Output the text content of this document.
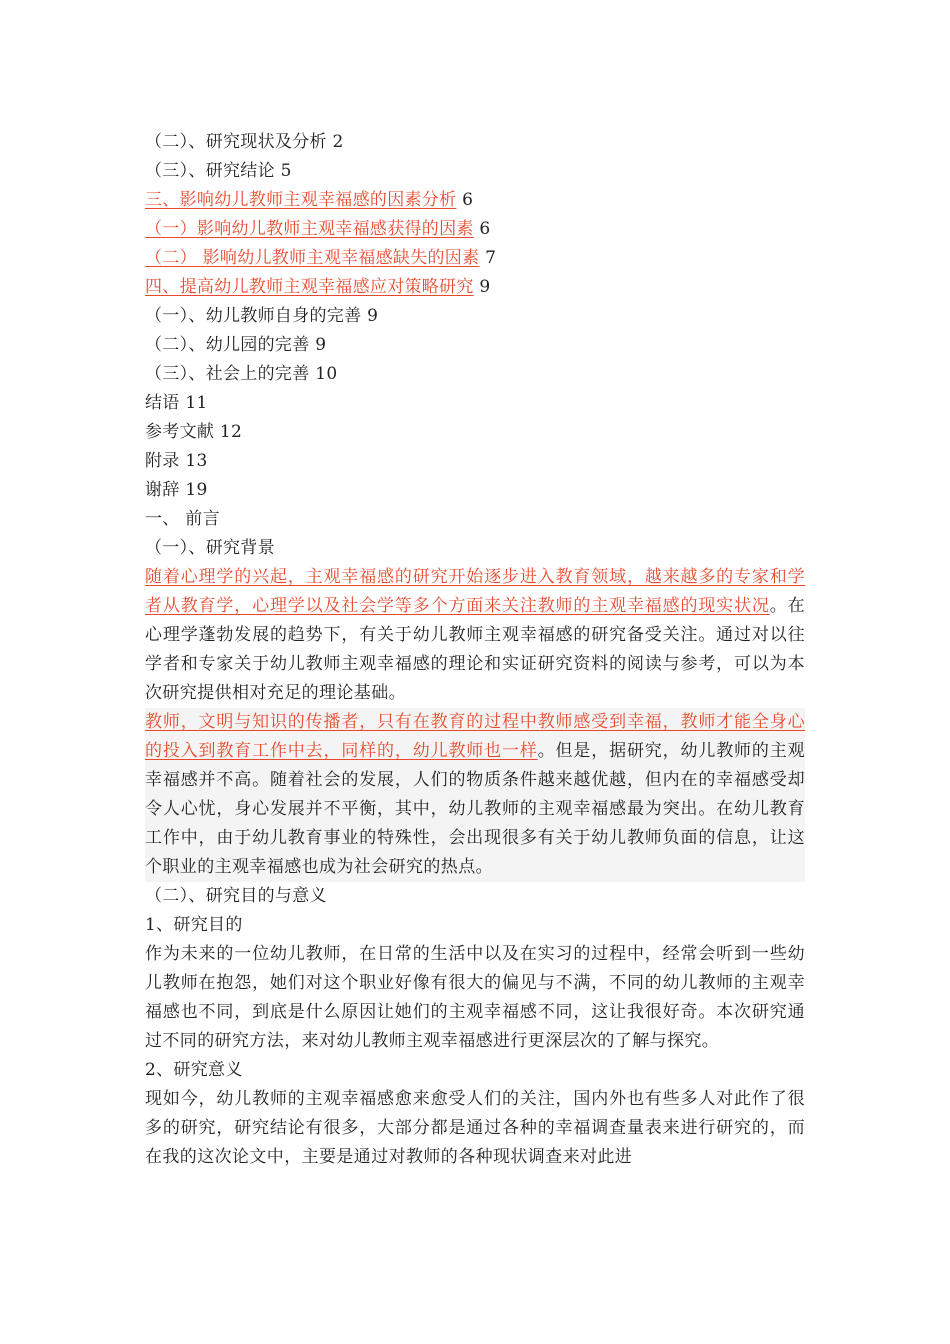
（二）、研究现状及分析 2
（三）、研究结论 5
三、影响幼儿教师主观幸福感的因素分析 6
（一）影响幼儿教师主观幸福感获得的因素 6
（二） 影响幼儿教师主观幸福感缺失的因素 7
四、提高幼儿教师主观幸福感应对策略研究 9
（一）、幼儿教师自身的完善 9
（二）、幼儿园的完善 9
（三）、社会上的完善 10
结语 11
参考文献 12
附录 13
谢辞 19
一、 前言
（一）、研究背景

随着心理学的兴起，主观幸福感的研究开始逐步进入教育领域，越来越多的专家和学者从教育学，心理学以及社会学等多个方面来关注教师的主观幸福感的现实状况。在心理学蓬勃发展的趋势下，有关于幼儿教师主观幸福感的研究备受关注。通过对以往学者和专家关于幼儿教师主观幸福感的理论和实证研究资料的阅读与参考，可以为本次研究提供相对充足的理论基础。

教师，文明与知识的传播者，只有在教育的过程中教师感受到幸福，教师才能全身心的投入到教育工作中去，同样的，幼儿教师也一样。但是，据研究，幼儿教师的主观幸福感并不高。随着社会的发展，人们的物质条件越来越优越，但内在的幸福感受却令人心忧，身心发展并不平衡，其中，幼儿教师的主观幸福感最为突出。在幼儿教育工作中，由于幼儿教育事业的特殊性，会出现很多有关于幼儿教师负面的信息，让这个职业的主观幸福感也成为社会研究的热点。

（二）、研究目的与意义
1、研究目的

作为未来的一位幼儿教师，在日常的生活中以及在实习的过程中，经常会听到一些幼儿教师在抱怨，她们对这个职业好像有很大的偏见与不满，不同的幼儿教师的主观幸福感也不同，到底是什么原因让她们的主观幸福感不同，这让我很好奇。本次研究通过不同的研究方法，来对幼儿教师主观幸福感进行更深层次的了解与探究。

2、研究意义

现如今，幼儿教师的主观幸福感愈来愈受人们的关注，国内外也有些多人对此作了很多的研究，研究结论有很多，大部分都是通过各种的幸福调查量表来进行研究的，而在我的这次论文中，主要是通过对教师的各种现状调查来对此进
